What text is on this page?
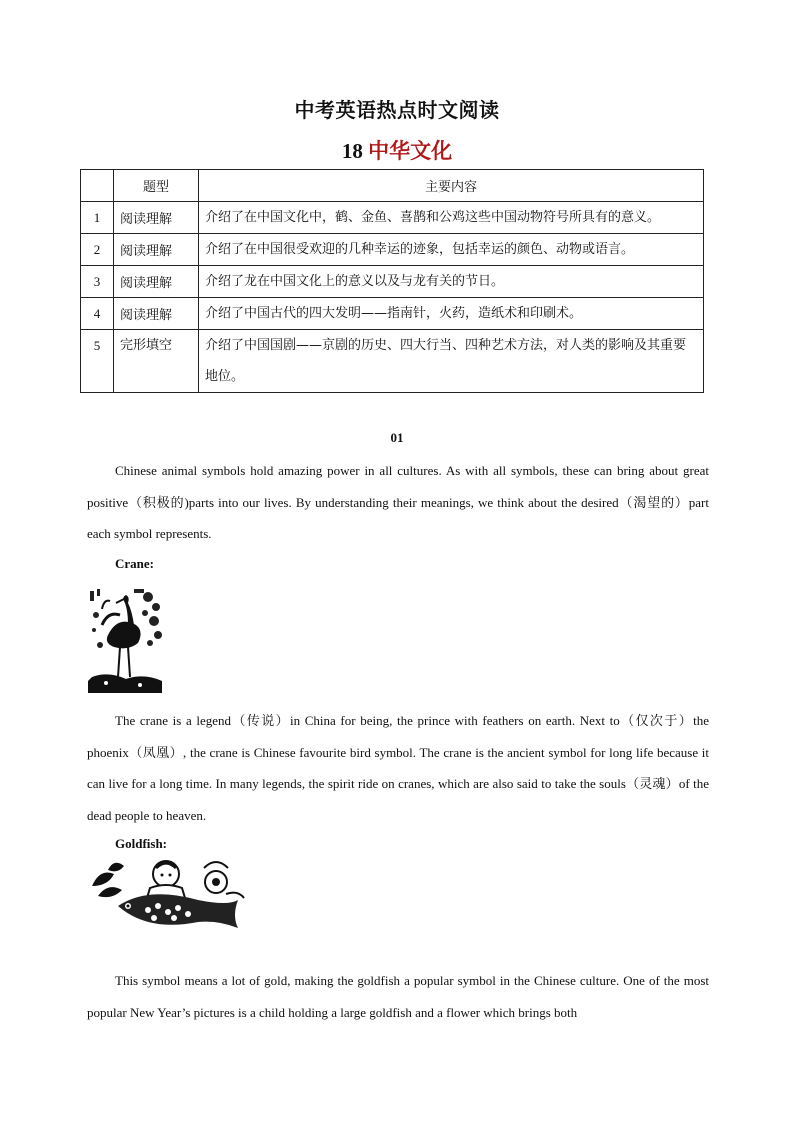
中考英语热点时文阅读
18 中华文化
	题型	主要内容
1	阅读理解	介绍了在中国文化中，鹤、金鱼、喜鹊和公鸡这些中国动物符号所具有的意义。
2	阅读理解	介绍了在中国很受欢迎的几种幸运的迹象，包括幸运的颜色、动物或语言。
3	阅读理解	介绍了龙在中国文化上的意义以及与龙有关的节日。
4	阅读理解	介绍了中国古代的四大发明——指南针，火药，造纸术和印刷术。
5	完形填空	介绍了中国国剧——京剧的历史、四大行当、四种艺术方法，对人类的影响及其重要地位。
01
Chinese animal symbols hold amazing power in all cultures. As with all symbols, these can bring about great positive（积极的)parts into our lives. By understanding their meanings, we think about the desired（渴望的）part each symbol represents.
Crane:
The crane is a legend（传说）in China for being, the prince with feathers on earth. Next to（仅次于）the phoenix（凤凰）, the crane is Chinese favourite bird symbol. The crane is the ancient symbol for long life because it can live for a long time. In many legends, the spirit ride on cranes, which are also said to take the souls（灵魂）of the dead people to heaven.
Goldfish:
This symbol means a lot of gold, making the goldfish a popular symbol in the Chinese culture. One of the most popular New Year’s pictures is a child holding a large goldfish and a flower which brings both
